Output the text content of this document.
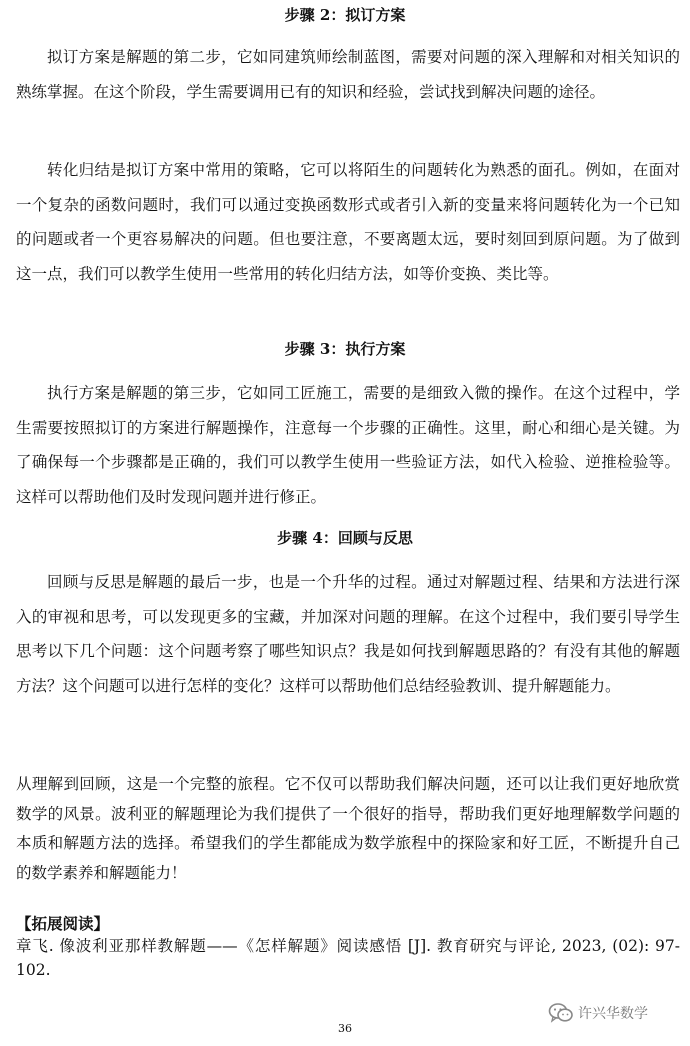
步骤 2：拟订方案

拟订方案是解题的第二步，它如同建筑师绘制蓝图，需要对问题的深入理解和对相关知识的熟练掌握。在这个阶段，学生需要调用已有的知识和经验，尝试找到解决问题的途径。

转化归结是拟订方案中常用的策略，它可以将陌生的问题转化为熟悉的面孔。例如，在面对一个复杂的函数问题时，我们可以通过变换函数形式或者引入新的变量来将问题转化为一个已知的问题或者一个更容易解决的问题。但也要注意，不要离题太远，要时刻回到原问题。为了做到这一点，我们可以教学生使用一些常用的转化归结方法，如等价变换、类比等。

步骤 3：执行方案

执行方案是解题的第三步，它如同工匠施工，需要的是细致入微的操作。在这个过程中，学生需要按照拟订的方案进行解题操作，注意每一个步骤的正确性。这里，耐心和细心是关键。为了确保每一个步骤都是正确的，我们可以教学生使用一些验证方法，如代入检验、逆推检验等。这样可以帮助他们及时发现问题并进行修正。

步骤 4：回顾与反思

回顾与反思是解题的最后一步，也是一个升华的过程。通过对解题过程、结果和方法进行深入的审视和思考，可以发现更多的宝藏，并加深对问题的理解。在这个过程中，我们要引导学生思考以下几个问题：这个问题考察了哪些知识点？我是如何找到解题思路的？有没有其他的解题方法？这个问题可以进行怎样的变化？这样可以帮助他们总结经验教训、提升解题能力。

从理解到回顾，这是一个完整的旅程。它不仅可以帮助我们解决问题，还可以让我们更好地欣赏数学的风景。波利亚的解题理论为我们提供了一个很好的指导，帮助我们更好地理解数学问题的本质和解题方法的选择。希望我们的学生都能成为数学旅程中的探险家和好工匠，不断提升自己的数学素养和解题能力！

【拓展阅读】

章飞. 像波利亚那样教解题——《怎样解题》阅读感悟 [J]. 教育研究与评论, 2023, (02): 97-102.

许兴华数学
36
